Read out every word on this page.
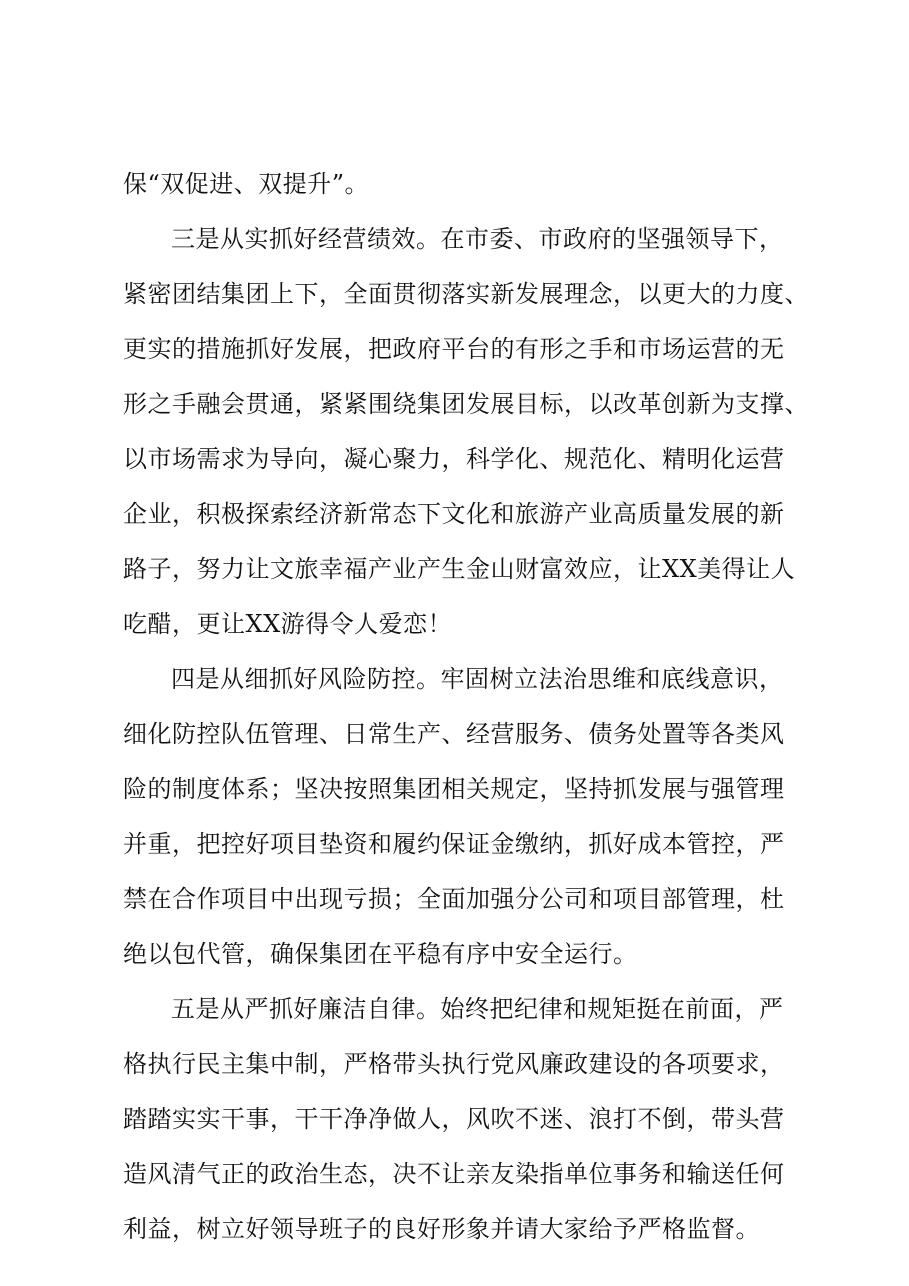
保“双促进、双提升”。
三是从实抓好经营绩效。在市委、市政府的坚强领导下，
紧密团结集团上下，全面贯彻落实新发展理念，以更大的力度、
更实的措施抓好发展，把政府平台的有形之手和市场运营的无
形之手融会贯通，紧紧围绕集团发展目标，以改革创新为支撑、
以市场需求为导向，凝心聚力，科学化、规范化、精明化运营
企业，积极探索经济新常态下文化和旅游产业高质量发展的新
路子，努力让文旅幸福产业产生金山财富效应，让XX美得让人
吃醋，更让XX游得令人爱恋！
四是从细抓好风险防控。牢固树立法治思维和底线意识，
细化防控队伍管理、日常生产、经营服务、债务处置等各类风
险的制度体系；坚决按照集团相关规定，坚持抓发展与强管理
并重，把控好项目垫资和履约保证金缴纳，抓好成本管控，严
禁在合作项目中出现亏损；全面加强分公司和项目部管理，杜
绝以包代管，确保集团在平稳有序中安全运行。
五是从严抓好廉洁自律。始终把纪律和规矩挺在前面，严
格执行民主集中制，严格带头执行党风廉政建设的各项要求，
踏踏实实干事，干干净净做人，风吹不迷、浪打不倒，带头营
造风清气正的政治生态，决不让亲友染指单位事务和输送任何
利益，树立好领导班子的良好形象并请大家给予严格监督。
